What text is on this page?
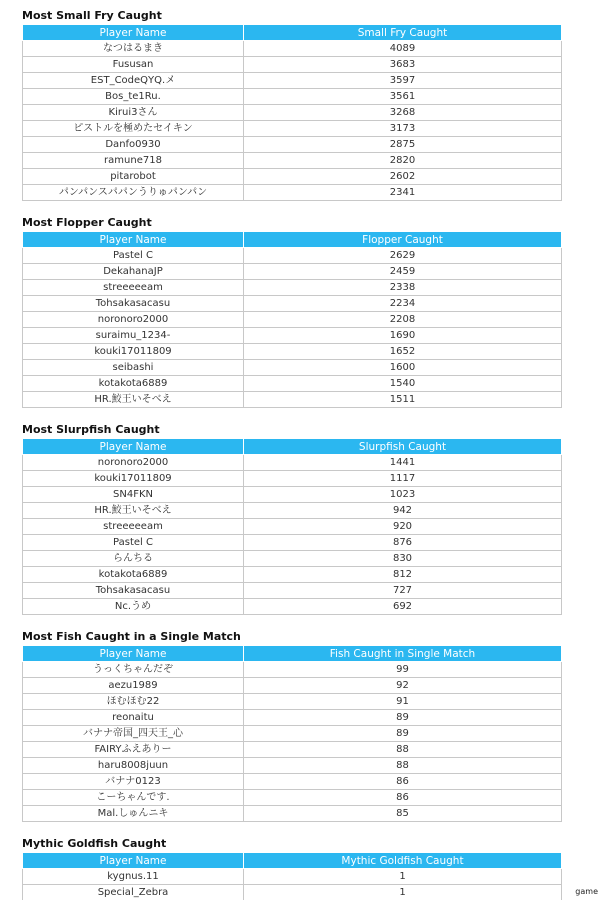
Most Small Fry Caught
Player Name	Small Fry Caught
なつはるまき	4089
Fususan	3683
EST_CodeQYQ.メ	3597
Bos_te1Ru.	3561
Kirui3さん	3268
ピストルを極めたセイキン	3173
Danfo0930	2875
ramune718	2820
pitarobot	2602
パンパンスパパンうりゅパンパン	2341
Most Flopper Caught
Player Name	Flopper Caught
Pastel C	2629
DekahanaJP	2459
streeeeeam	2338
Tohsakasacasu	2234
noronoro2000	2208
suraimu_1234-	1690
kouki17011809	1652
seibashi	1600
kotakota6889	1540
HR.鮫王いそべえ	1511
Most Slurpfish Caught
Player Name	Slurpfish Caught
noronoro2000	1441
kouki17011809	1117
SN4FKN	1023
HR.鮫王いそべえ	942
streeeeeam	920
Pastel C	876
らんちる	830
kotakota6889	812
Tohsakasacasu	727
Nc.うめ	692
Most Fish Caught in a Single Match
Player Name	Fish Caught in Single Match
うっくちゃんだぞ	99
aezu1989	92
ほむほむ22	91
reonaitu	89
バナナ帝国_四天王_心	89
FAIRYふえありー	88
haru8008juun	88
バナナ0123	86
こーちゃんです.	86
Mal.しゅんニキ	85
Mythic Goldfish Caught
Player Name	Mythic Goldfish Caught
kygnus.11	1
Special_Zebra	1	game
